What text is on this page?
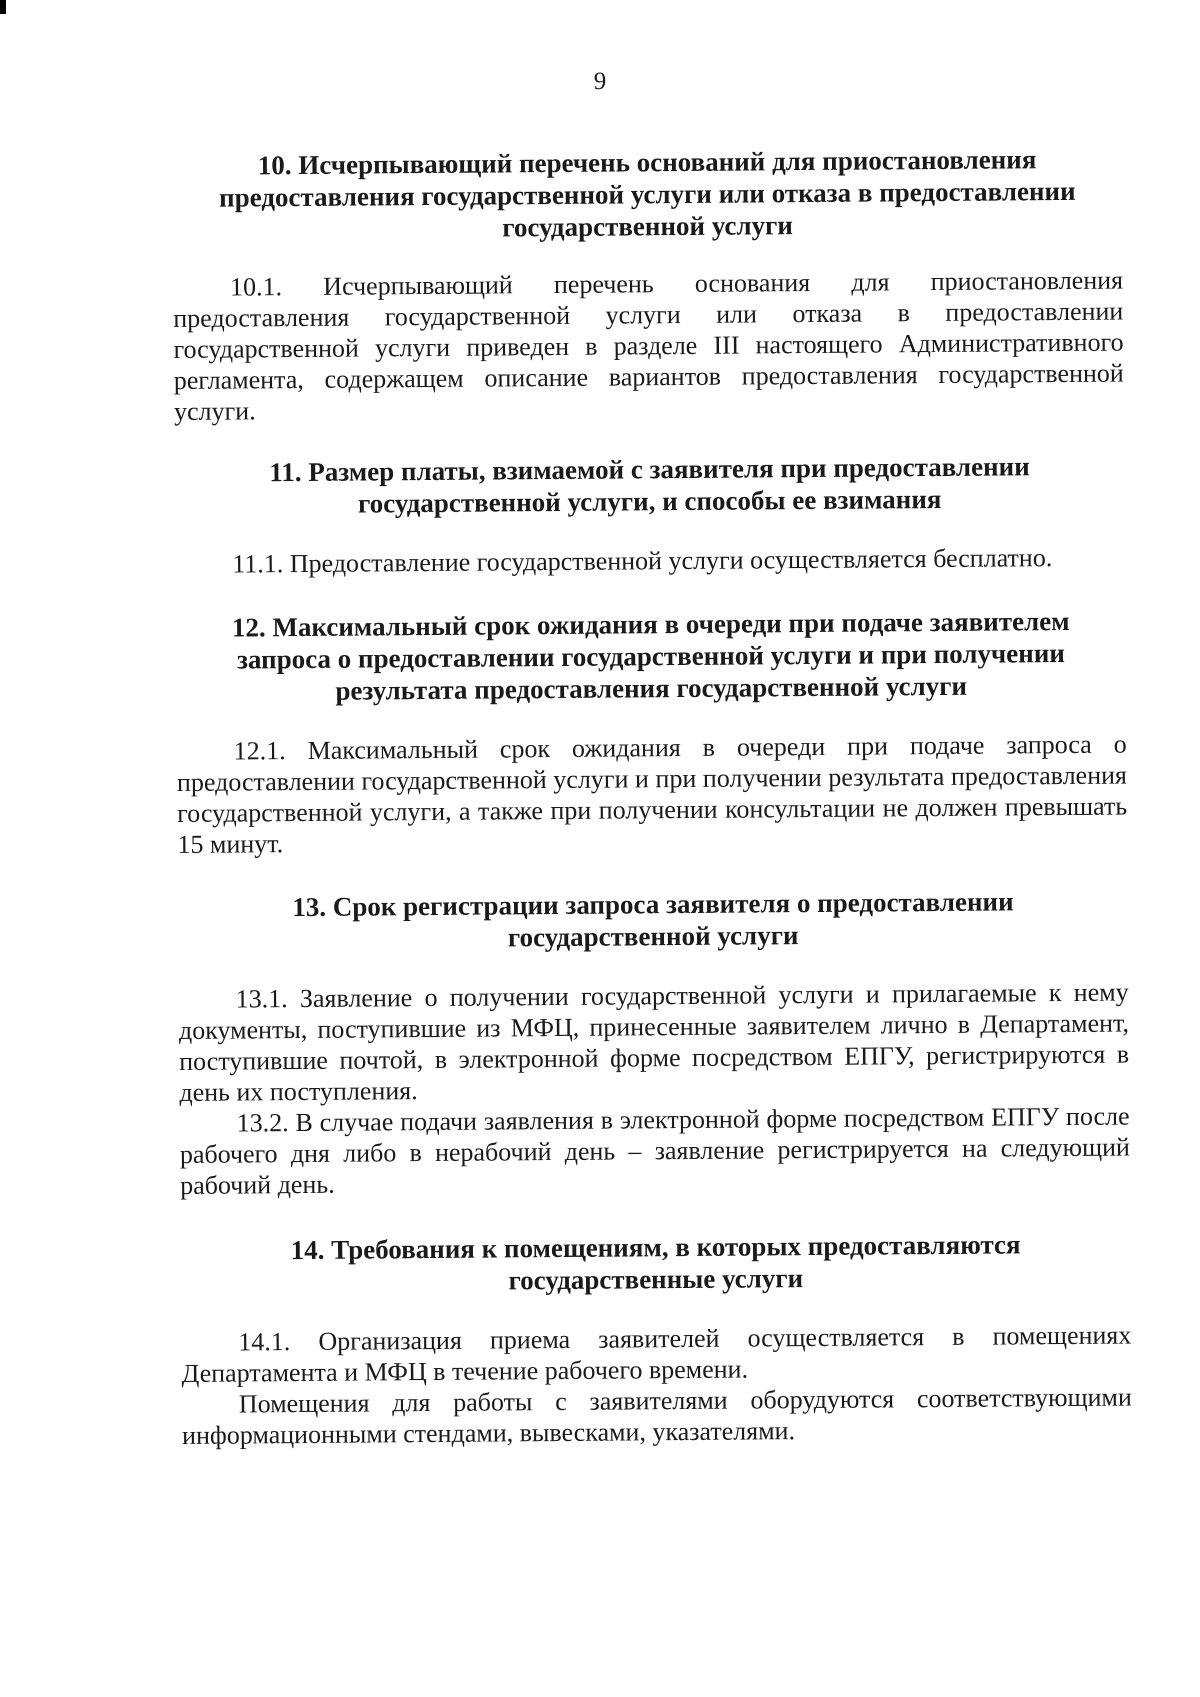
9
10. Исчерпывающий перечень оснований для приостановления предоставления государственной услуги или отказа в предоставлении государственной услуги

10.1. Исчерпывающий перечень основания для приостановления предоставления государственной услуги или отказа в предоставлении государственной услуги приведен в разделе III настоящего Административного регламента, содержащем описание вариантов предоставления государственной услуги.

11. Размер платы, взимаемой с заявителя при предоставлении государственной услуги, и способы ее взимания

11.1. Предоставление государственной услуги осуществляется бесплатно.

12. Максимальный срок ожидания в очереди при подаче заявителем запроса о предоставлении государственной услуги и при получении результата предоставления государственной услуги

12.1. Максимальный срок ожидания в очереди при подаче запроса о предоставлении государственной услуги и при получении результата предоставления государственной услуги, а также при получении консультации не должен превышать 15 минут.

13. Срок регистрации запроса заявителя о предоставлении государственной услуги

13.1. Заявление о получении государственной услуги и прилагаемые к нему документы, поступившие из МФЦ, принесенные заявителем лично в Департамент, поступившие почтой, в электронной форме посредством ЕПГУ, регистрируются в день их поступления.

13.2. В случае подачи заявления в электронной форме посредством ЕПГУ после рабочего дня либо в нерабочий день – заявление регистрируется на следующий рабочий день.

14. Требования к помещениям, в которых предоставляются государственные услуги

14.1. Организация приема заявителей осуществляется в помещениях Департамента и МФЦ в течение рабочего времени.

Помещения для работы с заявителями оборудуются соответствующими информационными стендами, вывесками, указателями.
